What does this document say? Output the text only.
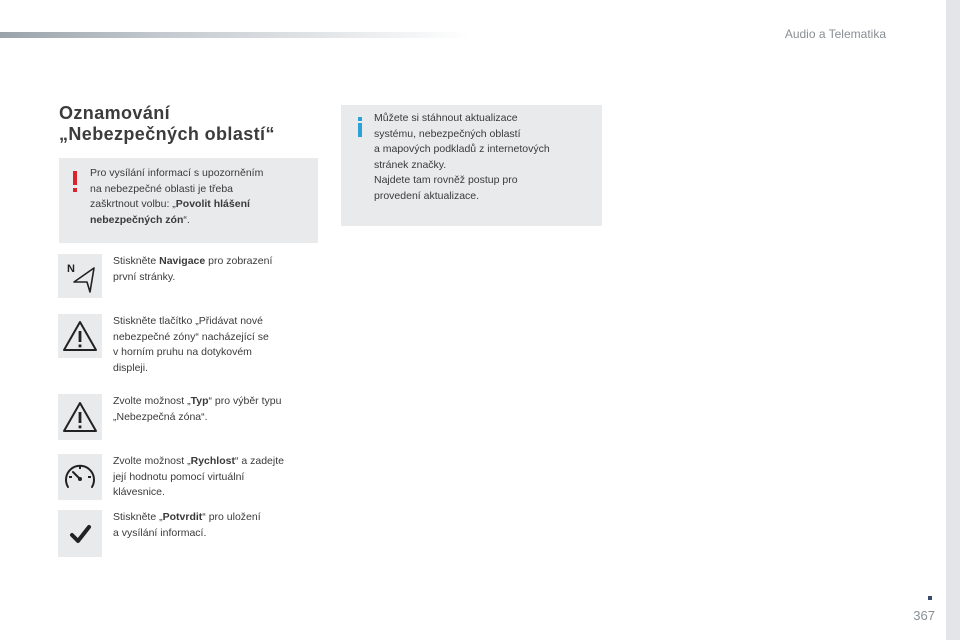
Audio a Telematika
Oznamování
„Nebezpečných oblastí“
Pro vysílání informací s upozorněním
na nebezpečné oblasti je třeba
zaškrtnout volbu: „Povolit hlášení
nebezpečných zón“.
Můžete si stáhnout aktualizace
systému, nebezpečných oblastí
a mapových podkladů z internetových
stránek značky.
Najdete tam rovněž postup pro
provedení aktualizace.
N
Stiskněte Navigace pro zobrazení
první stránky.
Stiskněte tlačítko „Přidávat nové
nebezpečné zóny“ nacházející se
v horním pruhu na dotykovém
displeji.
Zvolte možnost „Typ“ pro výběr typu
„Nebezpečná zóna“.
Zvolte možnost „Rychlost“ a zadejte
její hodnotu pomocí virtuální
klávesnice.
Stiskněte „Potvrdit“ pro uložení
a vysílání informací.
367
